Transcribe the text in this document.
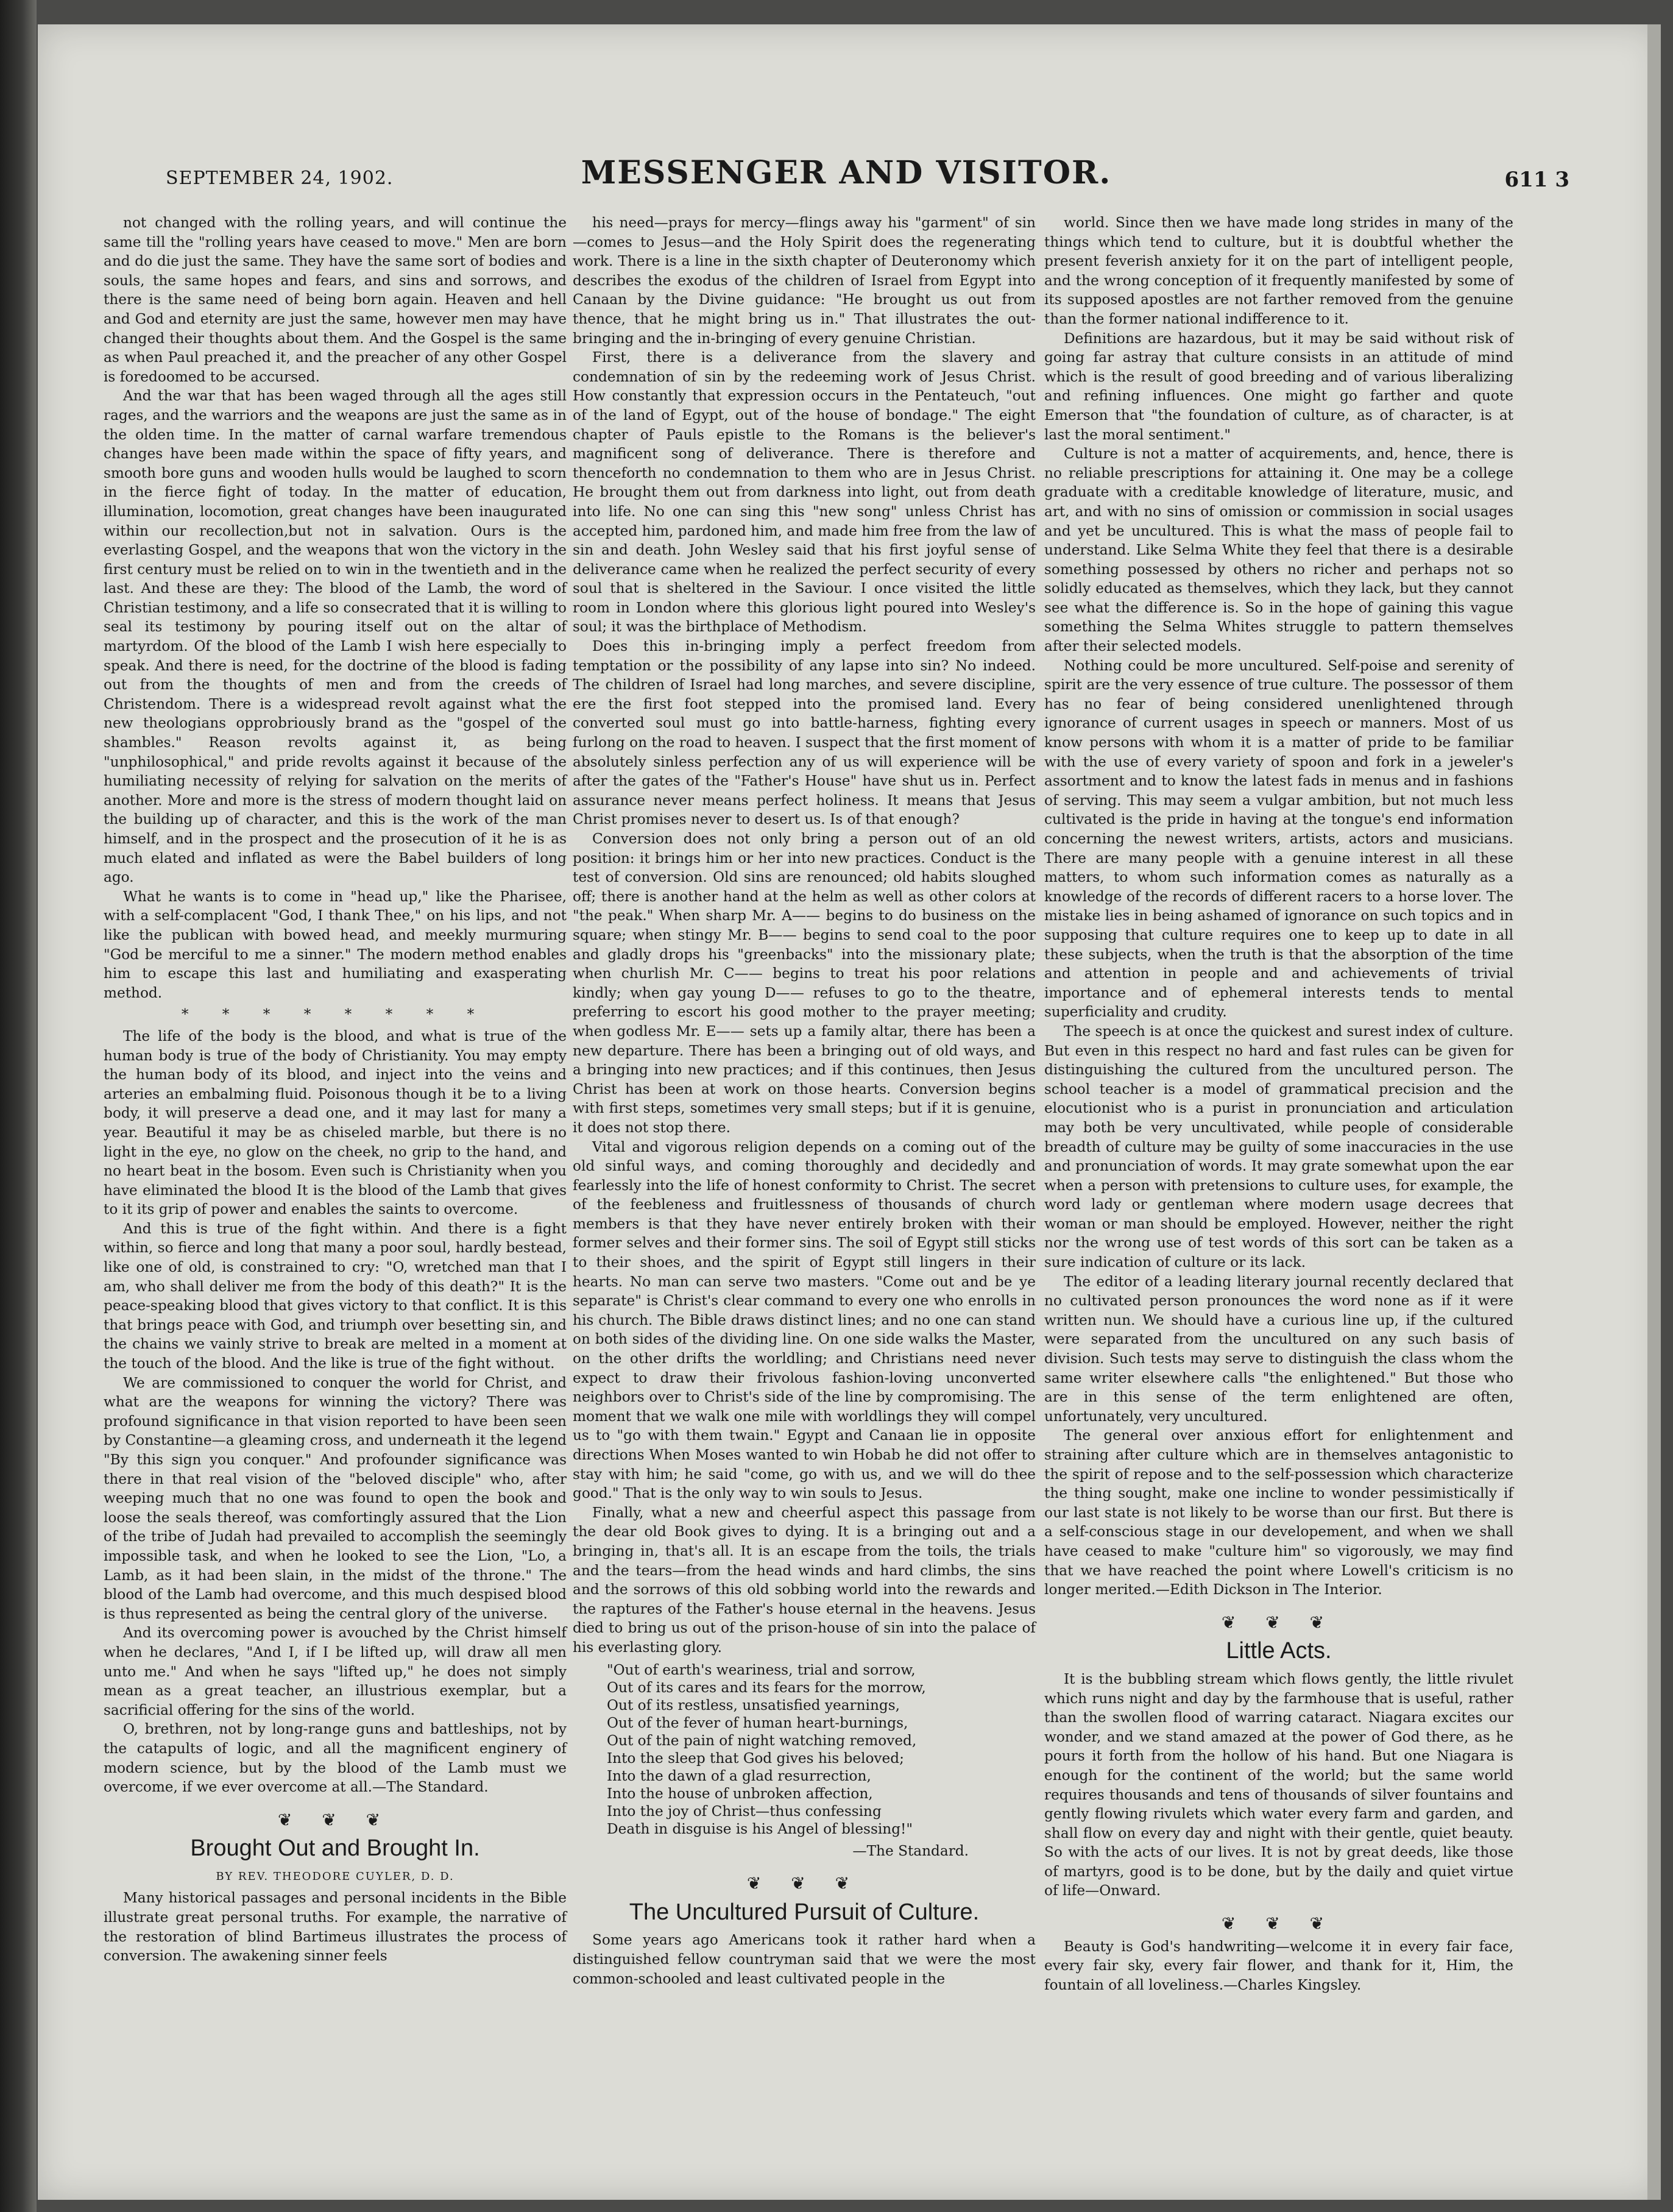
SEPTEMBER 24, 1902.	MESSENGER AND VISITOR.	611 3

not changed with the rolling years, and will continue the same till the "rolling years have ceased to move." Men are born and do die just the same. They have the same sort of bodies and souls, the same hopes and fears, and sins and sorrows, and there is the same need of being born again. Heaven and hell and God and eternity are just the same, however men may have changed their thoughts about them. And the Gospel is the same as when Paul preached it, and the preacher of any other Gospel is foredoomed to be accursed.

And the war that has been waged through all the ages still rages, and the warriors and the weapons are just the same as in the olden time. In the matter of carnal warfare tremendous changes have been made within the space of fifty years, and smooth bore guns and wooden hulls would be laughed to scorn in the fierce fight of today. In the matter of education, illumination, locomotion, great changes have been inaugurated within our recollection,but not in salvation. Ours is the everlasting Gospel, and the weapons that won the victory in the first century must be relied on to win in the twentieth and in the last. And these are they: The blood of the Lamb, the word of Christian testimony, and a life so consecrated that it is willing to seal its testimony by pouring itself out on the altar of martyrdom. Of the blood of the Lamb I wish here especially to speak. And there is need, for the doctrine of the blood is fading out from the thoughts of men and from the creeds of Christendom. There is a widespread revolt against what the new theologians opprobriously brand as the "gospel of the shambles." Reason revolts against it, as being "unphilosophical," and pride revolts against it because of the humiliating necessity of relying for salvation on the merits of another. More and more is the stress of modern thought laid on the building up of character, and this is the work of the man himself, and in the prospect and the prosecution of it he is as much elated and inflated as were the Babel builders of long ago.

What he wants is to come in "head up," like the Pharisee, with a self-complacent "God, I thank Thee," on his lips, and not like the publican with bowed head, and meekly murmuring "God be merciful to me a sinner." The modern method enables him to escape this last and humiliating and exasperating method.

* * * * * * * *

The life of the body is the blood, and what is true of the human body is true of the body of Christianity. You may empty the human body of its blood, and inject into the veins and arteries an embalming fluid. Poisonous though it be to a living body, it will preserve a dead one, and it may last for many a year. Beautiful it may be as chiseled marble, but there is no light in the eye, no glow on the cheek, no grip to the hand, and no heart beat in the bosom. Even such is Christianity when you have eliminated the blood It is the blood of the Lamb that gives to it its grip of power and enables the saints to overcome.

And this is true of the fight within. And there is a fight within, so fierce and long that many a poor soul, hardly bestead, like one of old, is constrained to cry: "O, wretched man that I am, who shall deliver me from the body of this death?" It is the peace-speaking blood that gives victory to that conflict. It is this that brings peace with God, and triumph over besetting sin, and the chains we vainly strive to break are melted in a moment at the touch of the blood. And the like is true of the fight without.

We are commissioned to conquer the world for Christ, and what are the weapons for winning the victory? There was profound significance in that vision reported to have been seen by Constantine—a gleaming cross, and underneath it the legend "By this sign you conquer." And profounder significance was there in that real vision of the "beloved disciple" who, after weeping much that no one was found to open the book and loose the seals thereof, was comfortingly assured that the Lion of the tribe of Judah had prevailed to accomplish the seemingly impossible task, and when he looked to see the Lion, "Lo, a Lamb, as it had been slain, in the midst of the throne." The blood of the Lamb had overcome, and this much despised blood is thus represented as being the central glory of the universe.

And its overcoming power is avouched by the Christ himself when he declares, "And I, if I be lifted up, will draw all men unto me." And when he says "lifted up," he does not simply mean as a great teacher, an illustrious exemplar, but a sacrificial offering for the sins of the world.

O, brethren, not by long-range guns and battleships, not by the catapults of logic, and all the magnificent enginery of modern science, but by the blood of the Lamb must we overcome, if we ever overcome at all.—The Standard.

❦ ❦ ❦
Brought Out and Brought In.
BY REV. THEODORE CUYLER, D. D.

Many historical passages and personal incidents in the Bible illustrate great personal truths. For example, the narrative of the restoration of blind Bartimeus illustrates the process of conversion. The awakening sinner feels

his need—prays for mercy—flings away his "garment" of sin—comes to Jesus—and the Holy Spirit does the regenerating work. There is a line in the sixth chapter of Deuteronomy which describes the exodus of the children of Israel from Egypt into Canaan by the Divine guidance: "He brought us out from thence, that he might bring us in." That illustrates the out-bringing and the in-bringing of every genuine Christian.

First, there is a deliverance from the slavery and condemnation of sin by the redeeming work of Jesus Christ. How constantly that expression occurs in the Pentateuch, "out of the land of Egypt, out of the house of bondage." The eight chapter of Pauls epistle to the Romans is the believer's magnificent song of deliverance. There is therefore and thenceforth no condemnation to them who are in Jesus Christ. He brought them out from darkness into light, out from death into life. No one can sing this "new song" unless Christ has accepted him, pardoned him, and made him free from the law of sin and death. John Wesley said that his first joyful sense of deliverance came when he realized the perfect security of every soul that is sheltered in the Saviour. I once visited the little room in London where this glorious light poured into Wesley's soul; it was the birthplace of Methodism.

Does this in-bringing imply a perfect freedom from temptation or the possibility of any lapse into sin? No indeed. The children of Israel had long marches, and severe discipline, ere the first foot stepped into the promised land. Every converted soul must go into battle-harness, fighting every furlong on the road to heaven. I suspect that the first moment of absolutely sinless perfection any of us will experience will be after the gates of the "Father's House" have shut us in. Perfect assurance never means perfect holiness. It means that Jesus Christ promises never to desert us. Is of that enough?

Conversion does not only bring a person out of an old position: it brings him or her into new practices. Conduct is the test of conversion. Old sins are renounced; old habits sloughed off; there is another hand at the helm as well as other colors at "the peak." When sharp Mr. A—— begins to do business on the square; when stingy Mr. B—— begins to send coal to the poor and gladly drops his "greenbacks" into the missionary plate; when churlish Mr. C—— begins to treat his poor relations kindly; when gay young D—— refuses to go to the theatre, preferring to escort his good mother to the prayer meeting; when godless Mr. E—— sets up a family altar, there has been a new departure. There has been a bringing out of old ways, and a bringing into new practices; and if this continues, then Jesus Christ has been at work on those hearts. Conversion begins with first steps, sometimes very small steps; but if it is genuine, it does not stop there.

Vital and vigorous religion depends on a coming out of the old sinful ways, and coming thoroughly and decidedly and fearlessly into the life of honest conformity to Christ. The secret of the feebleness and fruitlessness of thousands of church members is that they have never entirely broken with their former selves and their former sins. The soil of Egypt still sticks to their shoes, and the spirit of Egypt still lingers in their hearts. No man can serve two masters. "Come out and be ye separate" is Christ's clear command to every one who enrolls in his church. The Bible draws distinct lines; and no one can stand on both sides of the dividing line. On one side walks the Master, on the other drifts the worldling; and Christians need never expect to draw their frivolous fashion-loving unconverted neighbors over to Christ's side of the line by compromising. The moment that we walk one mile with worldlings they will compel us to "go with them twain." Egypt and Canaan lie in opposite directions When Moses wanted to win Hobab he did not offer to stay with him; he said "come, go with us, and we will do thee good." That is the only way to win souls to Jesus.

Finally, what a new and cheerful aspect this passage from the dear old Book gives to dying. It is a bringing out and a bringing in, that's all. It is an escape from the toils, the trials and the tears—from the head winds and hard climbs, the sins and the sorrows of this old sobbing world into the rewards and the raptures of the Father's house eternal in the heavens. Jesus died to bring us out of the prison-house of sin into the palace of his everlasting glory.

"Out of earth's weariness, trial and sorrow,
Out of its cares and its fears for the morrow,
Out of its restless, unsatisfied yearnings,
Out of the fever of human heart-burnings,
Out of the pain of night watching removed,
Into the sleep that God gives his beloved;
Into the dawn of a glad resurrection,
Into the house of unbroken affection,
Into the joy of Christ—thus confessing
Death in disguise is his Angel of blessing!"
—The Standard.
❦ ❦ ❦
The Uncultured Pursuit of Culture.

Some years ago Americans took it rather hard when a distinguished fellow countryman said that we were the most common-schooled and least cultivated people in the

world. Since then we have made long strides in many of the things which tend to culture, but it is doubtful whether the present feverish anxiety for it on the part of intelligent people, and the wrong conception of it frequently manifested by some of its supposed apostles are not farther removed from the genuine than the former national indifference to it.

Definitions are hazardous, but it may be said without risk of going far astray that culture consists in an attitude of mind which is the result of good breeding and of various liberalizing and refining influences. One might go farther and quote Emerson that "the foundation of culture, as of character, is at last the moral sentiment."

Culture is not a matter of acquirements, and, hence, there is no reliable prescriptions for attaining it. One may be a college graduate with a creditable knowledge of literature, music, and art, and with no sins of omission or commission in social usages and yet be uncultured. This is what the mass of people fail to understand. Like Selma White they feel that there is a desirable something possessed by others no richer and perhaps not so solidly educated as themselves, which they lack, but they cannot see what the difference is. So in the hope of gaining this vague something the Selma Whites struggle to pattern themselves after their selected models.

Nothing could be more uncultured. Self-poise and serenity of spirit are the very essence of true culture. The possessor of them has no fear of being considered unenlightened through ignorance of current usages in speech or manners. Most of us know persons with whom it is a matter of pride to be familiar with the use of every variety of spoon and fork in a jeweler's assortment and to know the latest fads in menus and in fashions of serving. This may seem a vulgar ambition, but not much less cultivated is the pride in having at the tongue's end information concerning the newest writers, artists, actors and musicians. There are many people with a genuine interest in all these matters, to whom such information comes as naturally as a knowledge of the records of different racers to a horse lover. The mistake lies in being ashamed of ignorance on such topics and in supposing that culture requires one to keep up to date in all these subjects, when the truth is that the absorption of the time and attention in people and and achievements of trivial importance and of ephemeral interests tends to mental superficiality and crudity.

The speech is at once the quickest and surest index of culture. But even in this respect no hard and fast rules can be given for distinguishing the cultured from the uncultured person. The school teacher is a model of grammatical precision and the elocutionist who is a purist in pronunciation and articulation may both be very uncultivated, while people of considerable breadth of culture may be guilty of some inaccuracies in the use and pronunciation of words. It may grate somewhat upon the ear when a person with pretensions to culture uses, for example, the word lady or gentleman where modern usage decrees that woman or man should be employed. However, neither the right nor the wrong use of test words of this sort can be taken as a sure indication of culture or its lack.

The editor of a leading literary journal recently declared that no cultivated person pronounces the word none as if it were written nun. We should have a curious line up, if the cultured were separated from the uncultured on any such basis of division. Such tests may serve to distinguish the class whom the same writer elsewhere calls "the enlightened." But those who are in this sense of the term enlightened are often, unfortunately, very uncultured.

The general over anxious effort for enlightenment and straining after culture which are in themselves antagonistic to the spirit of repose and to the self-possession which characterize the thing sought, make one incline to wonder pessimistically if our last state is not likely to be worse than our first. But there is a self-conscious stage in our developement, and when we shall have ceased to make "culture him" so vigorously, we may find that we have reached the point where Lowell's criticism is no longer merited.—Edith Dickson in The Interior.

❦ ❦ ❦
Little Acts.

It is the bubbling stream which flows gently, the little rivulet which runs night and day by the farmhouse that is useful, rather than the swollen flood of warring cataract. Niagara excites our wonder, and we stand amazed at the power of God there, as he pours it forth from the hollow of his hand. But one Niagara is enough for the continent of the world; but the same world requires thousands and tens of thousands of silver fountains and gently flowing rivulets which water every farm and garden, and shall flow on every day and night with their gentle, quiet beauty. So with the acts of our lives. It is not by great deeds, like those of martyrs, good is to be done, but by the daily and quiet virtue of life—Onward.

❦ ❦ ❦

Beauty is God's handwriting—welcome it in every fair face, every fair sky, every fair flower, and thank for it, Him, the fountain of all loveliness.—Charles Kingsley.
